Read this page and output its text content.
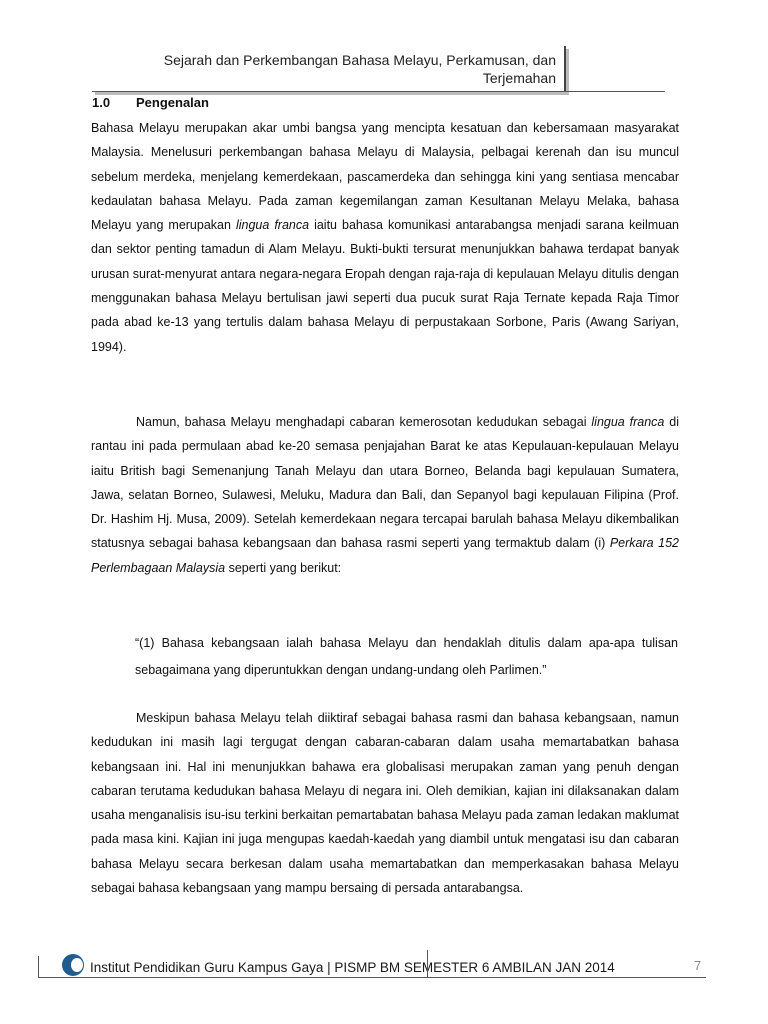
Sejarah dan Perkembangan Bahasa Melayu, Perkamusan, dan Terjemahan
1.0 Pengenalan

Bahasa Melayu merupakan akar umbi bangsa yang mencipta kesatuan dan kebersamaan masyarakat Malaysia. Menelusuri perkembangan bahasa Melayu di Malaysia, pelbagai kerenah dan isu muncul sebelum merdeka, menjelang kemerdekaan, pascamerdeka dan sehingga kini yang sentiasa mencabar kedaulatan bahasa Melayu. Pada zaman kegemilangan zaman Kesultanan Melayu Melaka, bahasa Melayu yang merupakan lingua franca iaitu bahasa komunikasi antarabangsa menjadi sarana keilmuan dan sektor penting tamadun di Alam Melayu. Bukti-bukti tersurat menunjukkan bahawa terdapat banyak urusan surat-menyurat antara negara-negara Eropah dengan raja-raja di kepulauan Melayu ditulis dengan menggunakan bahasa Melayu bertulisan jawi seperti dua pucuk surat Raja Ternate kepada Raja Timor pada abad ke-13 yang tertulis dalam bahasa Melayu di perpustakaan Sorbone, Paris (Awang Sariyan, 1994).

Namun, bahasa Melayu menghadapi cabaran kemerosotan kedudukan sebagai lingua franca di rantau ini pada permulaan abad ke-20 semasa penjajahan Barat ke atas Kepulauan-kepulauan Melayu iaitu British bagi Semenanjung Tanah Melayu dan utara Borneo, Belanda bagi kepulauan Sumatera, Jawa, selatan Borneo, Sulawesi, Meluku, Madura dan Bali, dan Sepanyol bagi kepulauan Filipina (Prof. Dr. Hashim Hj. Musa, 2009). Setelah kemerdekaan negara tercapai barulah bahasa Melayu dikembalikan statusnya sebagai bahasa kebangsaan dan bahasa rasmi seperti yang termaktub dalam (i) Perkara 152 Perlembagaan Malaysia seperti yang berikut:

“(1) Bahasa kebangsaan ialah bahasa Melayu dan hendaklah ditulis dalam apa-apa tulisan sebagaimana yang diperuntukkan dengan undang-undang oleh Parlimen.”

Meskipun bahasa Melayu telah diiktiraf sebagai bahasa rasmi dan bahasa kebangsaan, namun kedudukan ini masih lagi tergugat dengan cabaran-cabaran dalam usaha memartabatkan bahasa kebangsaan ini. Hal ini menunjukkan bahawa era globalisasi merupakan zaman yang penuh dengan cabaran terutama kedudukan bahasa Melayu di negara ini. Oleh demikian, kajian ini dilaksanakan dalam usaha menganalisis isu-isu terkini berkaitan pemartabatan bahasa Melayu pada zaman ledakan maklumat pada masa kini. Kajian ini juga mengupas kaedah-kaedah yang diambil untuk mengatasi isu dan cabaran bahasa Melayu secara berkesan dalam usaha memartabatkan dan memperkasakan bahasa Melayu sebagai bahasa kebangsaan yang mampu bersaing di persada antarabangsa.

Institut Pendidikan Guru Kampus Gaya | PISMP BM SEMESTER 6 AMBILAN JAN 2014	7
